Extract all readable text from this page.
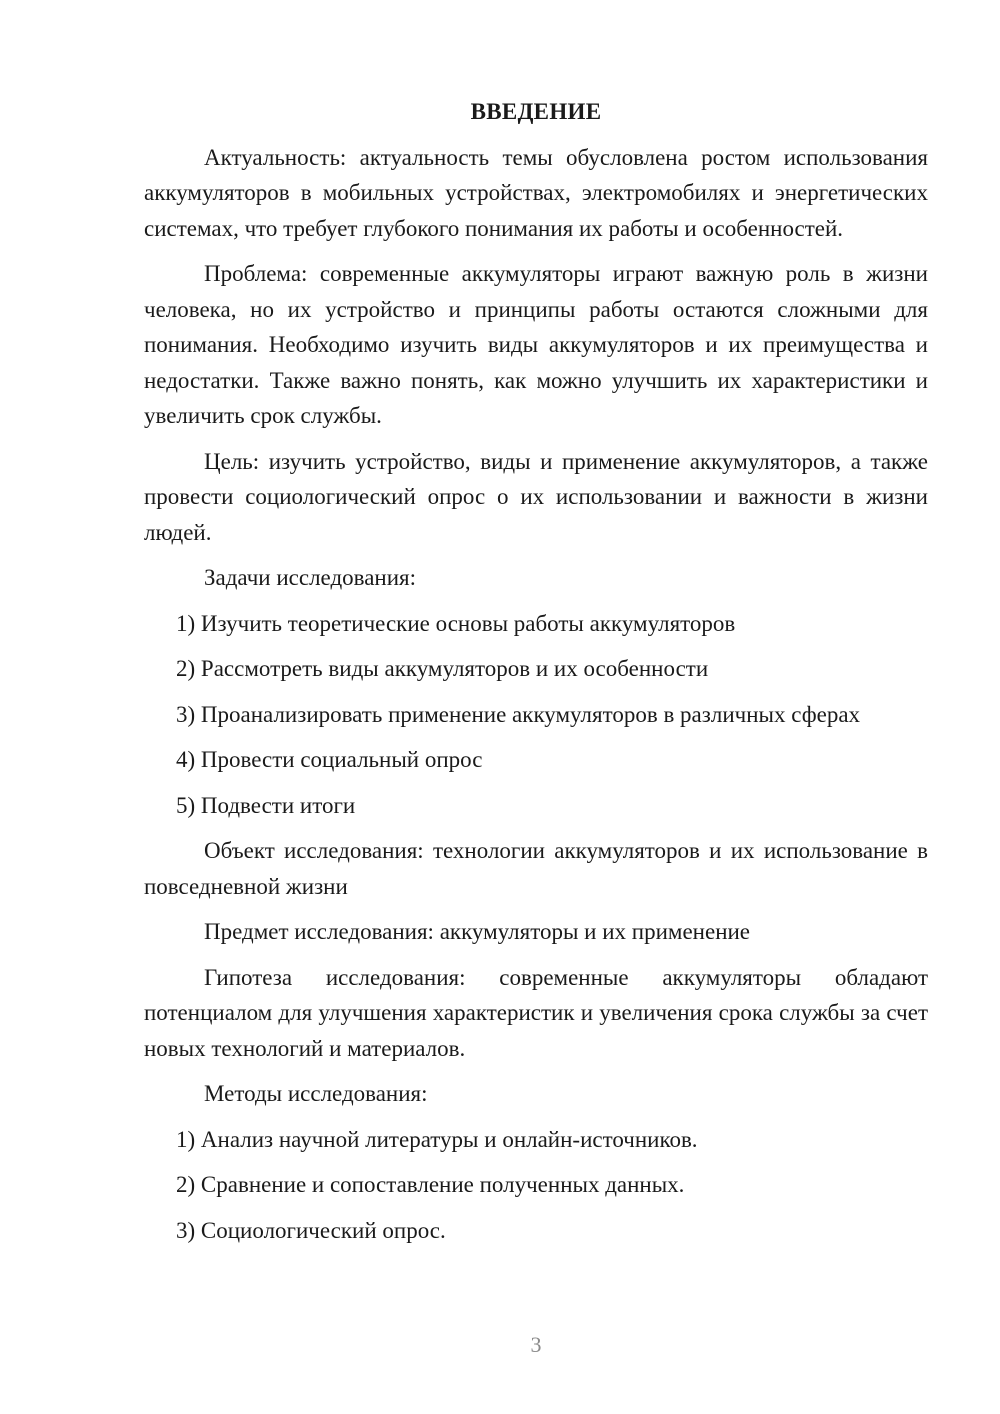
ВВЕДЕНИЕ

Актуальность: актуальность темы обусловлена ростом использования аккумуляторов в мобильных устройствах, электромобилях и энергетических системах, что требует глубокого понимания их работы и особенностей.

Проблема: современные аккумуляторы играют важную роль в жизни человека, но их устройство и принципы работы остаются сложными для понимания. Необходимо изучить виды аккумуляторов и их преимущества и недостатки. Также важно понять, как можно улучшить их характеристики и увеличить срок службы.

Цель: изучить устройство, виды и применение аккумуляторов, а также провести социологический опрос о их использовании и важности в жизни людей.

Задачи исследования:

1) Изучить теоретические основы работы аккумуляторов
2) Рассмотреть виды аккумуляторов и их особенности
3) Проанализировать применение аккумуляторов в различных сферах
4) Провести социальный опрос
5) Подвести итоги

Объект исследования: технологии аккумуляторов и их использование в повседневной жизни

Предмет исследования: аккумуляторы и их применение

Гипотеза исследования: современные аккумуляторы обладают потенциалом для улучшения характеристик и увеличения срока службы за счет новых технологий и материалов.

Методы исследования:

1) Анализ научной литературы и онлайн-источников.
2) Сравнение и сопоставление полученных данных.
3) Социологический опрос.
3
